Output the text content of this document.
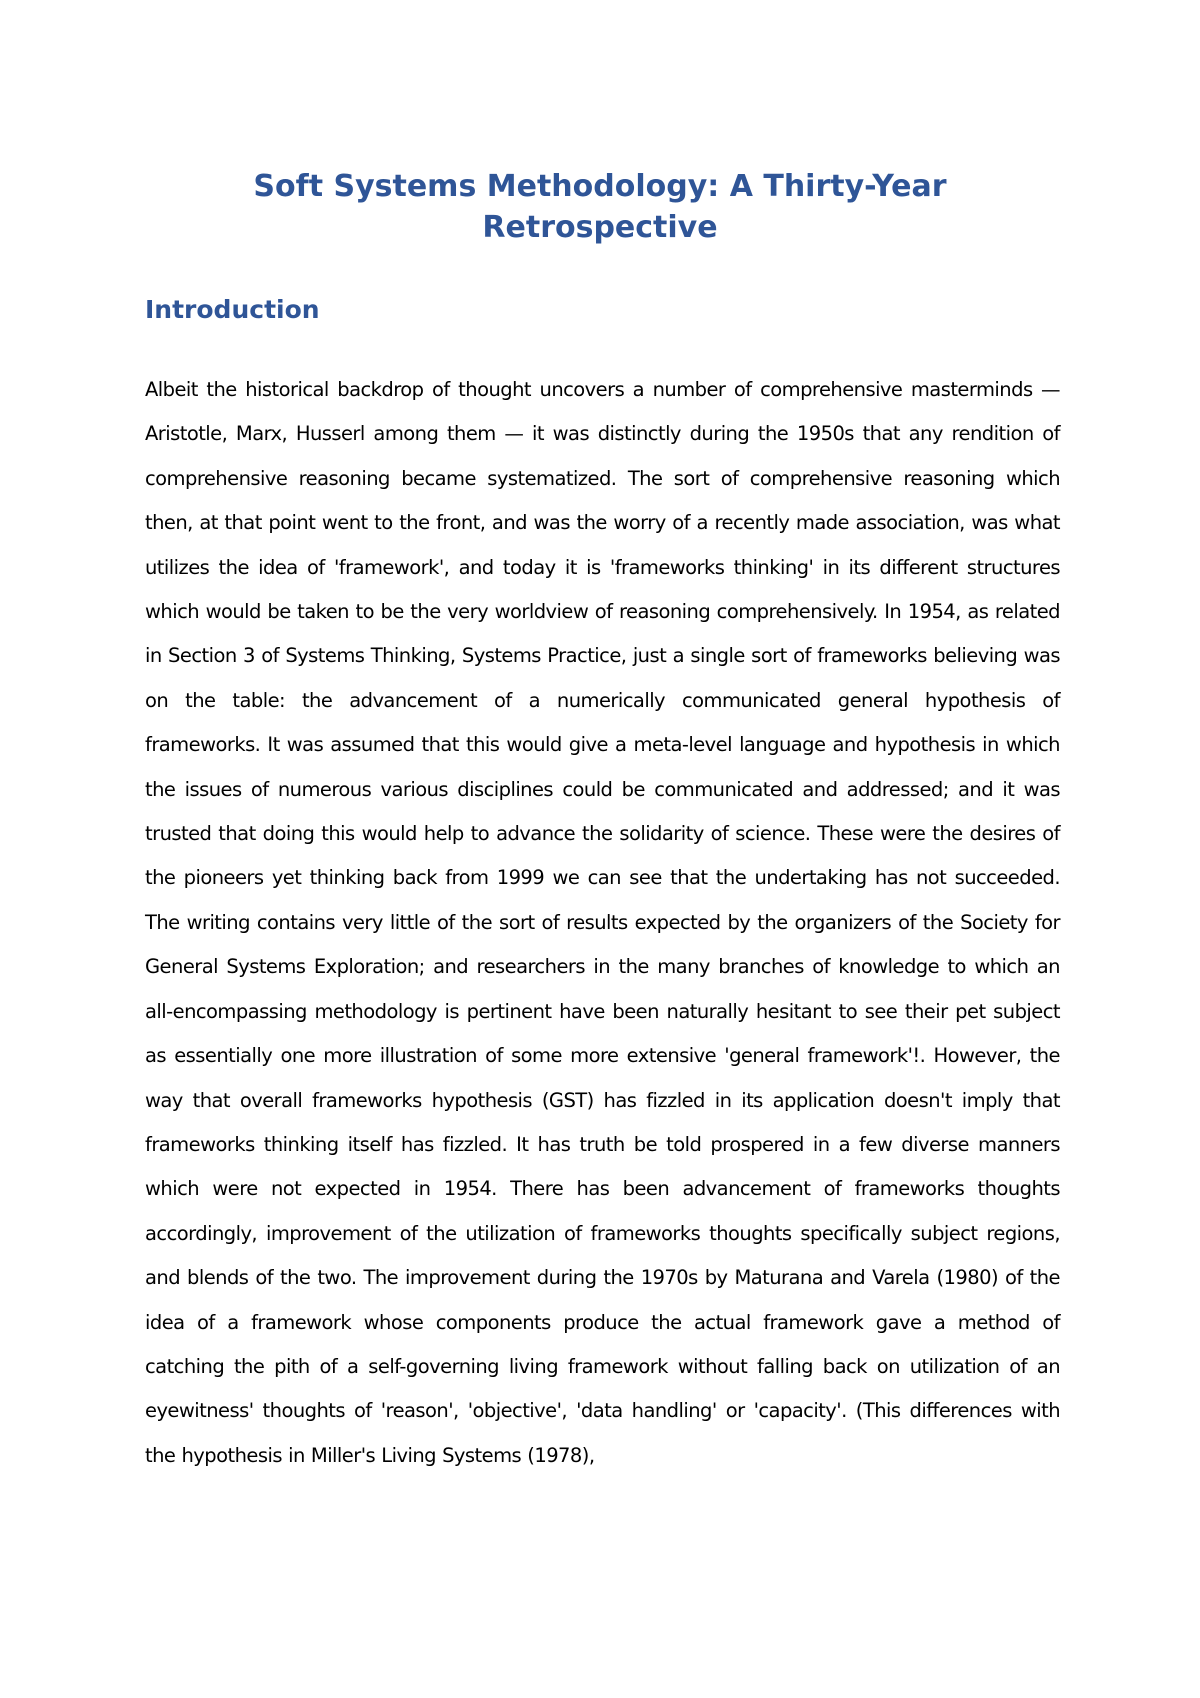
Soft Systems Methodology: A Thirty-Year Retrospective
Introduction

Albeit the historical backdrop of thought uncovers a number of comprehensive masterminds — Aristotle, Marx, Husserl among them — it was distinctly during the 1950s that any rendition of comprehensive reasoning became systematized. The sort of comprehensive reasoning which then, at that point went to the front, and was the worry of a recently made association, was what utilizes the idea of 'framework', and today it is 'frameworks thinking' in its different structures which would be taken to be the very worldview of reasoning comprehensively. In 1954, as related in Section 3 of Systems Thinking, Systems Practice, just a single sort of frameworks believing was on the table: the advancement of a numerically communicated general hypothesis of frameworks. It was assumed that this would give a meta-level language and hypothesis in which the issues of numerous various disciplines could be communicated and addressed; and it was trusted that doing this would help to advance the solidarity of science. These were the desires of the pioneers yet thinking back from 1999 we can see that the undertaking has not succeeded. The writing contains very little of the sort of results expected by the organizers of the Society for General Systems Exploration; and researchers in the many branches of knowledge to which an all-encompassing methodology is pertinent have been naturally hesitant to see their pet subject as essentially one more illustration of some more extensive 'general framework'!. However, the way that overall frameworks hypothesis (GST) has fizzled in its application doesn't imply that frameworks thinking itself has fizzled. It has truth be told prospered in a few diverse manners which were not expected in 1954. There has been advancement of frameworks thoughts accordingly, improvement of the utilization of frameworks thoughts specifically subject regions, and blends of the two. The improvement during the 1970s by Maturana and Varela (1980) of the idea of a framework whose components produce the actual framework gave a method of catching the pith of a self-governing living framework without falling back on utilization of an eyewitness' thoughts of 'reason', 'objective', 'data handling' or 'capacity'. (This differences with the hypothesis in Miller's Living Systems (1978),
